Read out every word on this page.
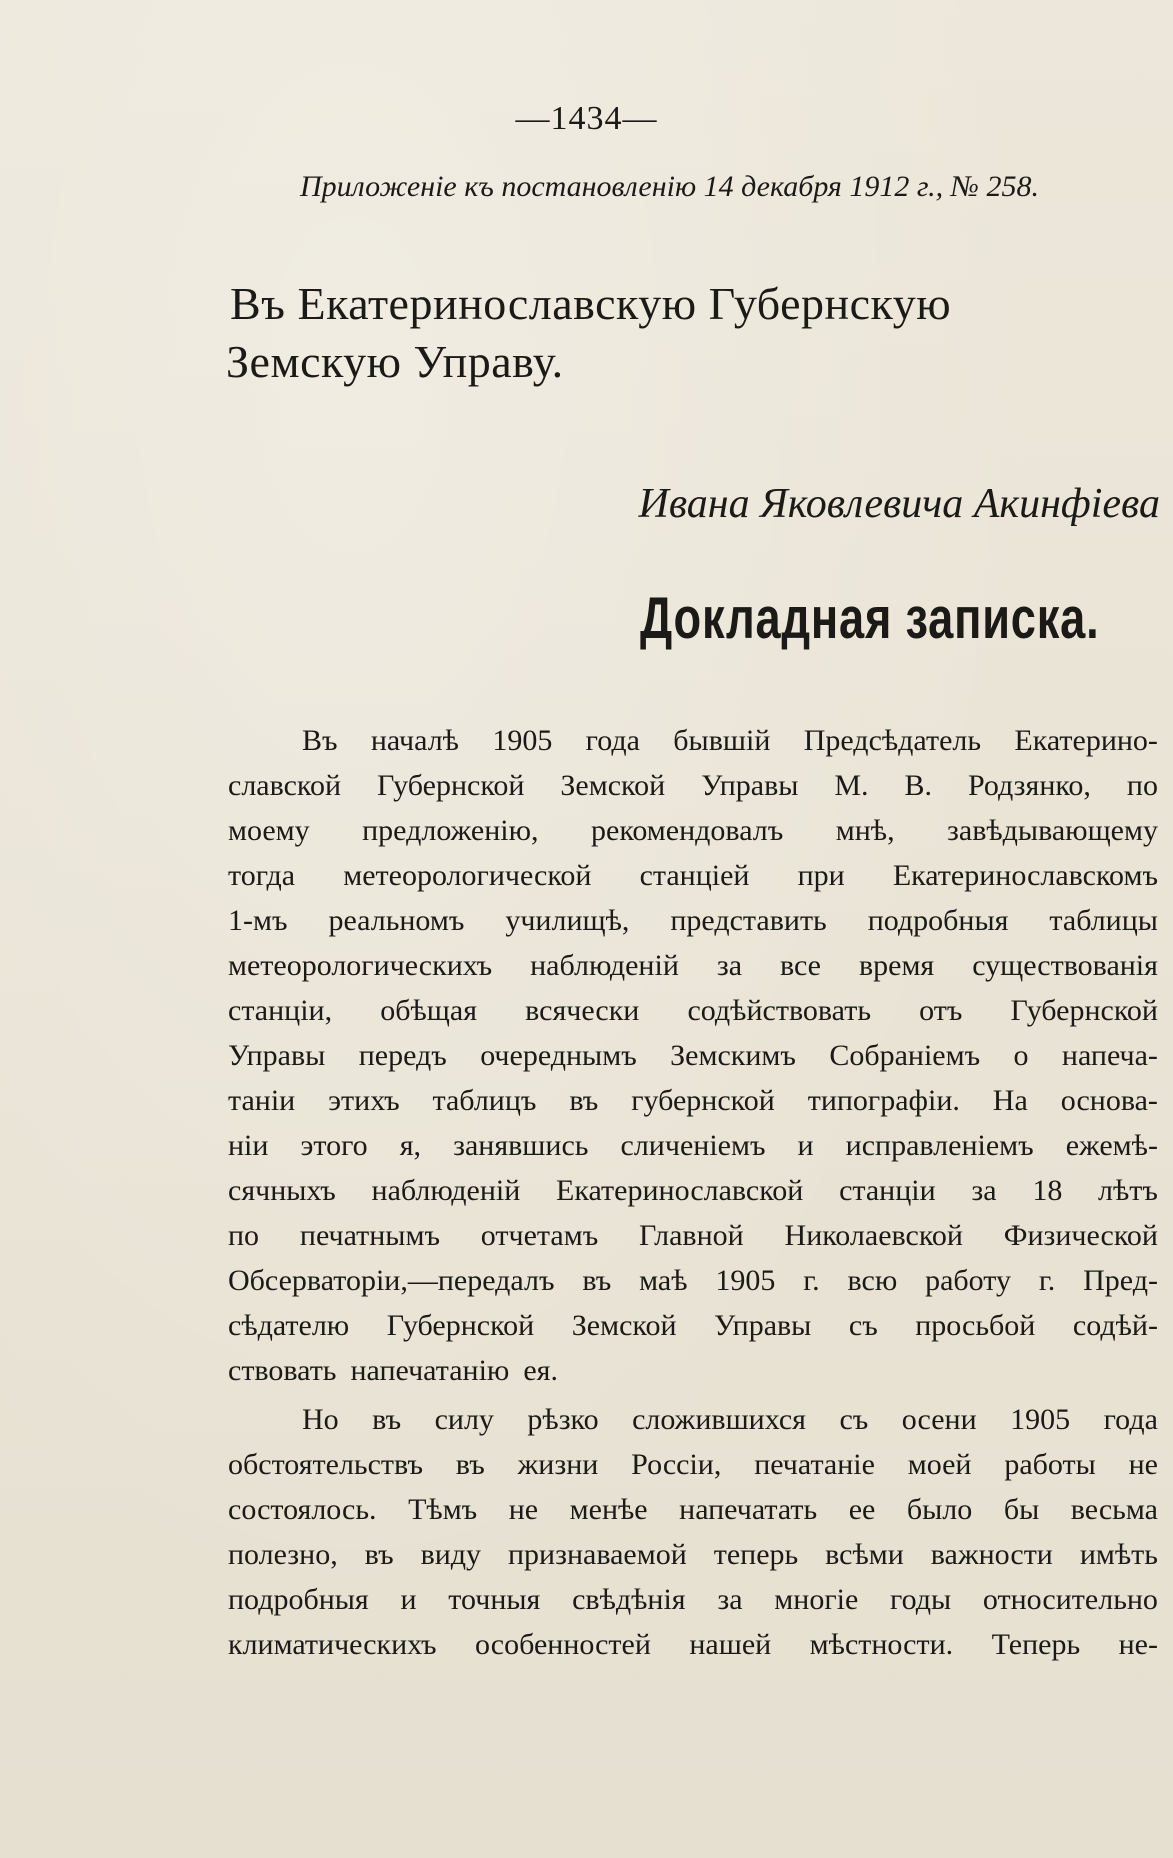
—1434—
Приложеніе къ постановленію 14 декабря 1912 г., № 258.
Въ Екатеринославскую Губернскую
Земскую Управу.
Ивана Яковлевича Акинфіева
Докладная записка.
Въ началѣ 1905 года бывшій Предсѣдатель Екатерино-
славской Губернской Земской Управы М. В. Родзянко, по
моему предложенію, рекомендовалъ мнѣ, завѣдывающему
тогда метеорологической станціей при Екатеринославскомъ
1-мъ реальномъ училищѣ, представить подробныя таблицы
метеорологическихъ наблюденій за все время существованія
станціи, обѣщая всячески содѣйствовать отъ Губернской
Управы передъ очереднымъ Земскимъ Собраніемъ о напеча-
таніи этихъ таблицъ въ губернской типографіи. На основа-
ніи этого я, занявшись сличеніемъ и исправленіемъ ежемѣ-
сячныхъ наблюденій Екатеринославской станціи за 18 лѣтъ
по печатнымъ отчетамъ Главной Николаевской Физической
Обсерваторіи,—передалъ въ маѣ 1905 г. всю работу г. Пред-
сѣдателю Губернской Земской Управы съ просьбой содѣй-
ствовать напечатанію ея.
Но въ силу рѣзко сложившихся съ осени 1905 года
обстоятельствъ въ жизни Россіи, печатаніе моей работы не
состоялось. Тѣмъ не менѣе напечатать ее было бы весьма
полезно, въ виду признаваемой теперь всѣми важности имѣть
подробныя и точныя свѣдѣнія за многіе годы относительно
климатическихъ особенностей нашей мѣстности. Теперь не-
